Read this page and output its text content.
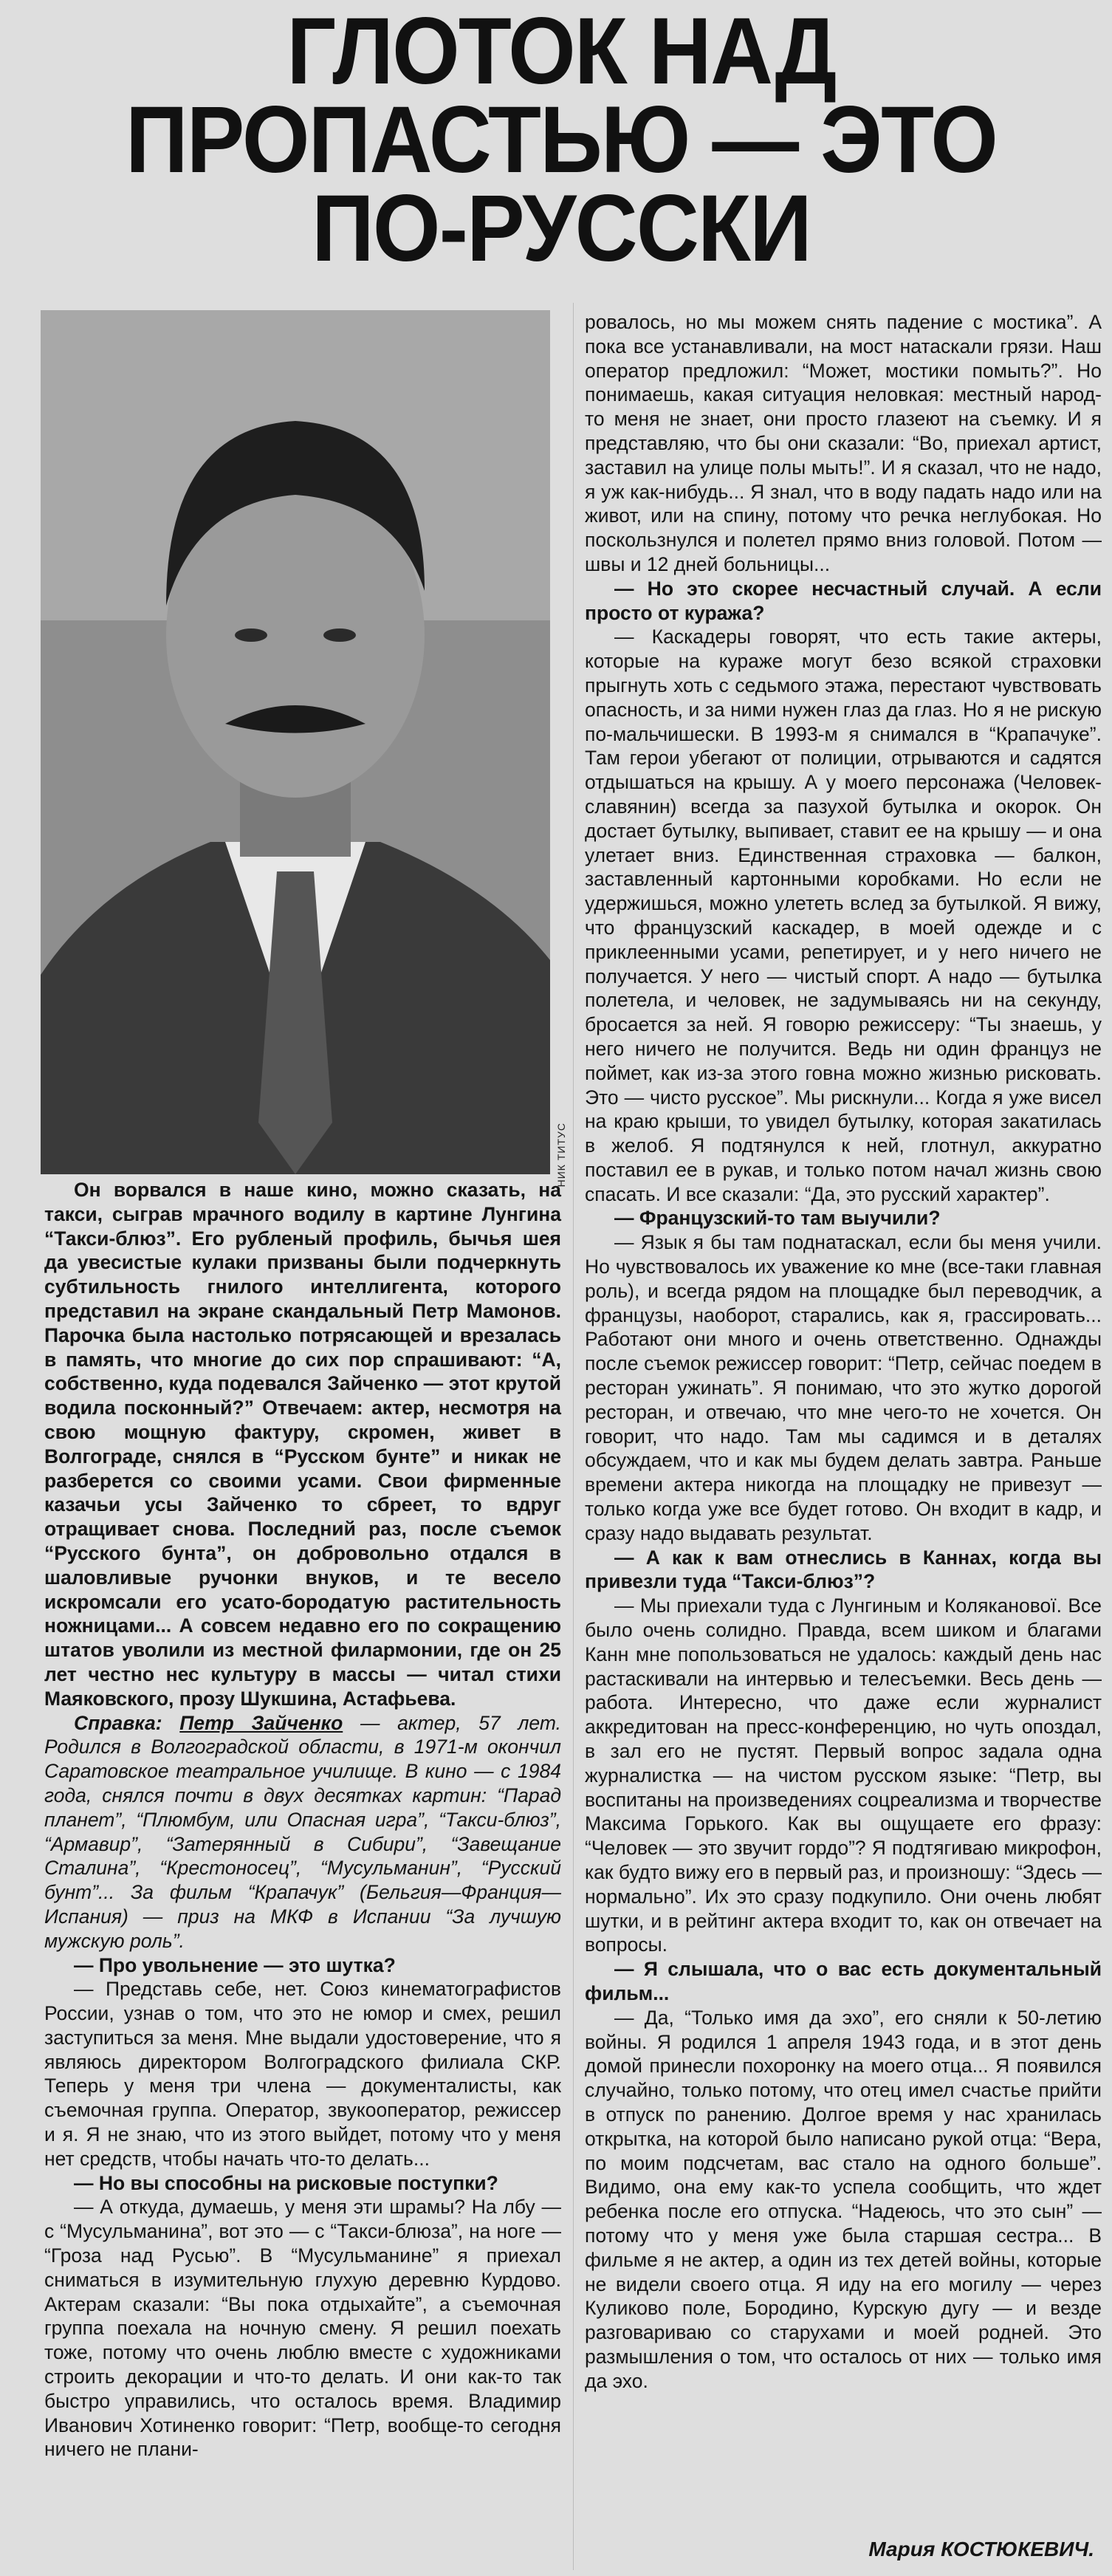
ГЛОТОК НАД
ПРОПАСТЬЮ — ЭТО
ПО-РУССКИ
НИК ТИТУС

Он ворвался в наше кино, можно сказать, на такси, сыграв мрачного водилу в картине Лунгина “Такси-блюз”. Его рубленый профиль, бычья шея да увесистые кулаки призваны были подчеркнуть субтильность гнилого интеллигента, которого представил на экране скандальный Петр Мамонов. Парочка была настолько потрясающей и врезалась в память, что многие до сих пор спрашивают: “А, собственно, куда подевался Зайченко — этот крутой водила посконный?” Отвечаем: актер, несмотря на свою мощную фактуру, скромен, живет в Волгограде, снялся в “Русском бунте” и никак не разберется со своими усами. Свои фирменные казачьи усы Зайченко то сбреет, то вдруг отращивает снова. Последний раз, после съемок “Русского бунта”, он добровольно отдался в шаловливые ручонки внуков, и те весело искромсали его усато-бородатую растительность ножницами... А совсем недавно его по сокращению штатов уволили из местной филармонии, где он 25 лет честно нес культуру в массы — читал стихи Маяковского, прозу Шукшина, Астафьева.

Справка: Петр Зайченко — актер, 57 лет. Родился в Волгоградской области, в 1971-м окончил Саратовское театральное училище. В кино — с 1984 года, снялся почти в двух десятках картин: “Парад планет”, “Плюмбум, или Опасная игра”, “Такси-блюз”, “Армавир”, “Затерянный в Сибири”, “Завещание Сталина”, “Крестоносец”, “Мусульманин”, “Русский бунт”... За фильм “Крапачук” (Бельгия—Франция—Испания) — приз на МКФ в Испании “За лучшую мужскую роль”.

— Про увольнение — это шутка?

— Представь себе, нет. Союз кинематографистов России, узнав о том, что это не юмор и смех, решил заступиться за меня. Мне выдали удостоверение, что я являюсь директором Волгоградского филиала СКР. Теперь у меня три члена — документалисты, как съемочная группа. Оператор, звукооператор, режиссер и я. Я не знаю, что из этого выйдет, потому что у меня нет средств, чтобы начать что-то делать...

— Но вы способны на рисковые поступки?

— А откуда, думаешь, у меня эти шрамы? На лбу — с “Мусульманина”, вот это — с “Такси-блюза”, на ноге — “Гроза над Русью”. В “Мусульманине” я приехал сниматься в изумительную глухую деревню Курдово. Актерам сказали: “Вы пока отдыхайте”, а съемочная группа поехала на ночную смену. Я решил поехать тоже, потому что очень люблю вместе с художниками строить декорации и что-то делать. И они как-то так быстро управились, что осталось время. Владимир Иванович Хотиненко говорит: “Петр, вообще-то сегодня ничего не плани-

ровалось, но мы можем снять падение с мостика”. А пока все устанавливали, на мост натаскали грязи. Наш оператор предложил: “Может, мостики помыть?”. Но понимаешь, какая ситуация неловкая: местный народ-то меня не знает, они просто глазеют на съемку. И я представляю, что бы они сказали: “Во, приехал артист, заставил на улице полы мыть!”. И я сказал, что не надо, я уж как-нибудь... Я знал, что в воду падать надо или на живот, или на спину, потому что речка неглубокая. Но поскользнулся и полетел прямо вниз головой. Потом — швы и 12 дней больницы...

— Но это скорее несчастный случай. А если просто от куража?

— Каскадеры говорят, что есть такие актеры, которые на кураже могут безо всякой страховки прыгнуть хоть с седьмого этажа, перестают чувствовать опасность, и за ними нужен глаз да глаз. Но я не рискую по-мальчишески. В 1993-м я снимался в “Крапачуке”. Там герои убегают от полиции, отрываются и садятся отдышаться на крышу. А у моего персонажа (Человек-славянин) всегда за пазухой бутылка и окорок. Он достает бутылку, выпивает, ставит ее на крышу — и она улетает вниз. Единственная страховка — балкон, заставленный картонными коробками. Но если не удержишься, можно улететь вслед за бутылкой. Я вижу, что французский каскадер, в моей одежде и с приклеенными усами, репетирует, и у него ничего не получается. У него — чистый спорт. А надо — бутылка полетела, и человек, не задумываясь ни на секунду, бросается за ней. Я говорю режиссеру: “Ты знаешь, у него ничего не получится. Ведь ни один француз не поймет, как из-за этого говна можно жизнью рисковать. Это — чисто русское”. Мы рискнули... Когда я уже висел на краю крыши, то увидел бутылку, которая закатилась в желоб. Я подтянулся к ней, глотнул, аккуратно поставил ее в рукав, и только потом начал жизнь свою спасать. И все сказали: “Да, это русский характер”.

— Французский-то там выучили?

— Язык я бы там поднатаскал, если бы меня учили. Но чувствовалось их уважение ко мне (все-таки главная роль), и всегда рядом на площадке был переводчик, а французы, наоборот, старались, как я, грассировать... Работают они много и очень ответственно. Однажды после съемок режиссер говорит: “Петр, сейчас поедем в ресторан ужинать”. Я понимаю, что это жутко дорогой ресторан, и отвечаю, что мне чего-то не хочется. Он говорит, что надо. Там мы садимся и в деталях обсуждаем, что и как мы будем делать завтра. Раньше времени актера никогда на площадку не привезут — только когда уже все будет готово. Он входит в кадр, и сразу надо выдавать результат.

— А как к вам отнеслись в Каннах, когда вы привезли туда “Такси-блюз”?

— Мы приехали туда с Лунгиным и Коляканової. Все было очень солидно. Правда, всем шиком и благами Канн мне попользоваться не удалось: каждый день нас растаскивали на интервью и телесъемки. Весь день — работа. Интересно, что даже если журналист аккредитован на пресс-конференцию, но чуть опоздал, в зал его не пустят. Первый вопрос задала одна журналистка — на чистом русском языке: “Петр, вы воспитаны на произведениях соцреализма и творчестве Максима Горького. Как вы ощущаете его фразу: “Человек — это звучит гордо”? Я подтягиваю микрофон, как будто вижу его в первый раз, и произношу: “Здесь — нормально”. Их это сразу подкупило. Они очень любят шутки, и в рейтинг актера входит то, как он отвечает на вопросы.

— Я слышала, что о вас есть документальный фильм...

— Да, “Только имя да эхо”, его сняли к 50-летию войны. Я родился 1 апреля 1943 года, и в этот день домой принесли похоронку на моего отца... Я появился случайно, только потому, что отец имел счастье прийти в отпуск по ранению. Долгое время у нас хранилась открытка, на которой было написано рукой отца: “Вера, по моим подсчетам, вас стало на одного больше”. Видимо, она ему как-то успела сообщить, что ждет ребенка после его отпуска. “Надеюсь, что это сын” — потому что у меня уже была старшая сестра... В фильме я не актер, а один из тех детей войны, которые не видели своего отца. Я иду на его могилу — через Куликово поле, Бородино, Курскую дугу — и везде разговариваю со старухами и моей родней. Это размышления о том, что осталось от них — только имя да эхо.

Мария КОСТЮКЕВИЧ.
